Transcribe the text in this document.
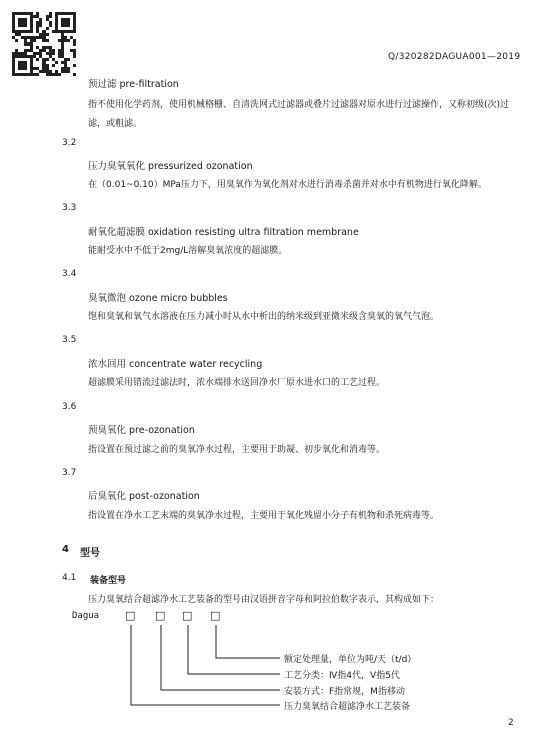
Q/320282DAGUA001—2019
预过滤 pre-filtration
指不使用化学药剂，使用机械格栅、自清洗网式过滤器或叠片过滤器对原水进行过滤操作，又称初级(次)过滤，或粗滤。
3.2
压力臭氧氧化 pressurized ozonation
在（0.01~0.10）MPa压力下，用臭氧作为氧化剂对水进行消毒杀菌并对水中有机物进行氧化降解。
3.3
耐氧化超滤膜 oxidation resisting ultra filtration membrane
能耐受水中不低于2mg/L溶解臭氧浓度的超滤膜。
3.4
臭氧微泡 ozone micro bubbles
饱和臭氧和氧气水溶液在压力减小时从水中析出的纳米级到亚微米级含臭氧的氧气气泡。
3.5
浓水回用 concentrate water recycling
超滤膜采用错流过滤法时，浓水端排水送回净水厂原水进水口的工艺过程。
3.6
预臭氧化 pre-ozonation
指设置在预过滤之前的臭氧净水过程，主要用于助凝、初步氧化和消毒等。
3.7
后臭氧化 post-ozonation
指设置在净水工艺末端的臭氧净水过程，主要用于氧化残留小分子有机物和杀死病毒等。
4 型号
4.1 装备型号
压力臭氧结合超滤净水工艺装备的型号由汉语拼音字母和阿拉伯数字表示，其构成如下：
Dagua □ □ □ □
额定处理量，单位为吨/天（t/d）
工艺分类：Ⅳ指4代，Ⅴ指5代
安装方式：F指常规，M指移动
压力臭氧结合超滤净水工艺装备
2
